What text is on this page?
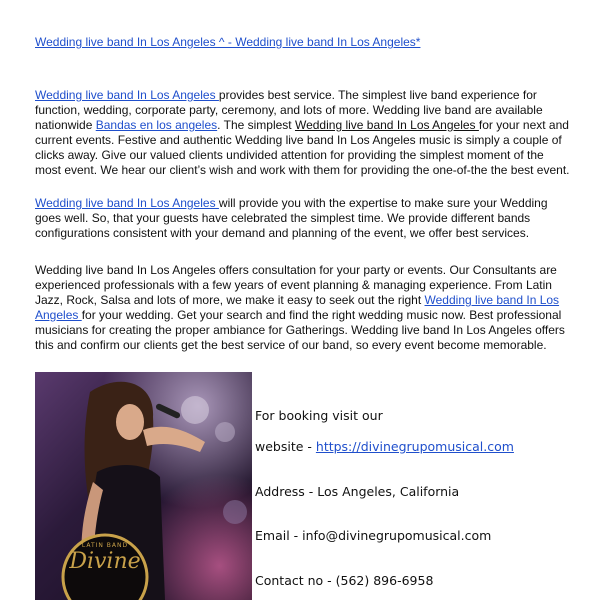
Wedding live band In Los Angeles ^ - Wedding live band In Los Angeles*

Wedding live band In Los Angeles provides best service. The simplest live band experience for function, wedding, corporate party, ceremony, and lots of more. Wedding live band are available nationwide Bandas en los angeles. The simplest Wedding live band In Los Angeles for your next and current events. Festive and authentic Wedding live band In Los Angeles music is simply a couple of clicks away. Give our valued clients undivided attention for providing the simplest moment of the most event. We hear our client’s wish and work with them for providing the one-of-the the best event.

Wedding live band In Los Angeles will provide you with the expertise to make sure your Wedding goes well. So, that your guests have celebrated the simplest time. We provide different bands configurations consistent with your demand and planning of the event, we offer best services.

Wedding live band In Los Angeles offers consultation for your party or events. Our Consultants are experienced professionals with a few years of event planning & managing experience. From Latin Jazz, Rock, Salsa and lots of more, we make it easy to seek out the right Wedding live band In Los Angeles for your wedding. Get your search and find the right wedding music now. Best professional musicians for creating the proper ambiance for Gatherings. Wedding live band In Los Angeles offers this and confirm our clients get the best service of our band, so every event become memorable.

LATIN BAND
Divine
For booking visit our
website - https://divinegrupomusical.com
Address - Los Angeles, California
Email - info@divinegrupomusical.com
Contact no - (562) 896-6958
